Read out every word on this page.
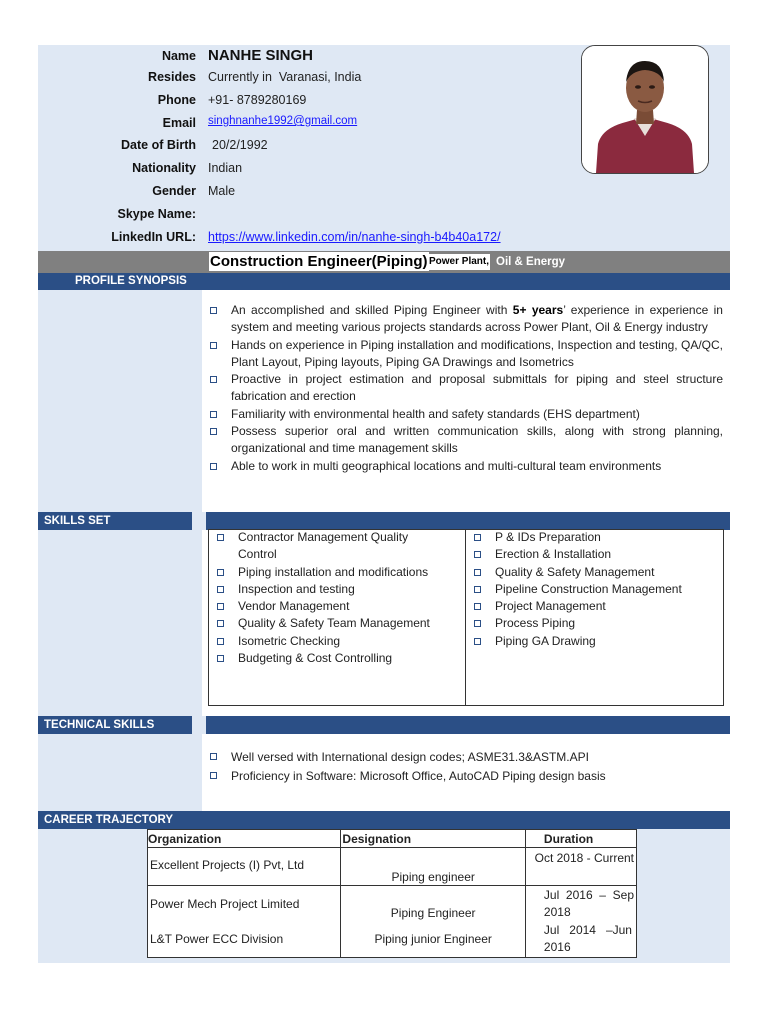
Name NANHE SINGH
Resides Currently in  Varanasi, India
Phone +91- 8789280169
Email singhnanhe1992@gmail.com
Date of Birth 20/2/1992
Nationality Indian
Gender Male
Skype Name:
LinkedIn URL: https://www.linkedin.com/in/nanhe-singh-b4b40a172/
Construction Engineer(Piping) Power Plant, Oil & Energy
PROFILE SYNOPSIS
An accomplished and skilled Piping Engineer with 5+ years’ experience in experience in system and meeting various projects standards across Power Plant, Oil & Energy industry
Hands on experience in Piping installation and modifications, Inspection and testing, QA/QC, Plant Layout, Piping layouts, Piping GA Drawings and Isometrics
Proactive in project estimation and proposal submittals for piping and steel structure fabrication and erection
Familiarity with environmental health and safety standards (EHS department)
Possess superior oral and written communication skills, along with strong planning, organizational and time management skills
Able to work in multi geographical locations and multi-cultural team environments
SKILLS SET
Contractor Management Quality Control
Piping installation and modifications
Inspection and testing
Vendor Management
Quality & Safety Team Management
Isometric Checking
Budgeting & Cost Controlling
P & IDs Preparation
Erection & Installation
Quality & Safety Management
Pipeline Construction Management
Project Management
Process Piping
Piping GA Drawing
TECHNICAL SKILLS
Well versed with International design codes; ASME31.3&ASTM.API
Proficiency in Software: Microsoft Office, AutoCAD Piping design basis
CAREER TRAJECTORY
Organization	Designation	Duration
Excellent Projects (I) Pvt, Ltd	Piping engineer	Oct 2018 - Current
Power Mech Project Limited	Piping Engineer	Jul  2016  –  Sep
2018
L&T Power ECC Division	Piping junior Engineer	Jul   2014   –Jun
2016
